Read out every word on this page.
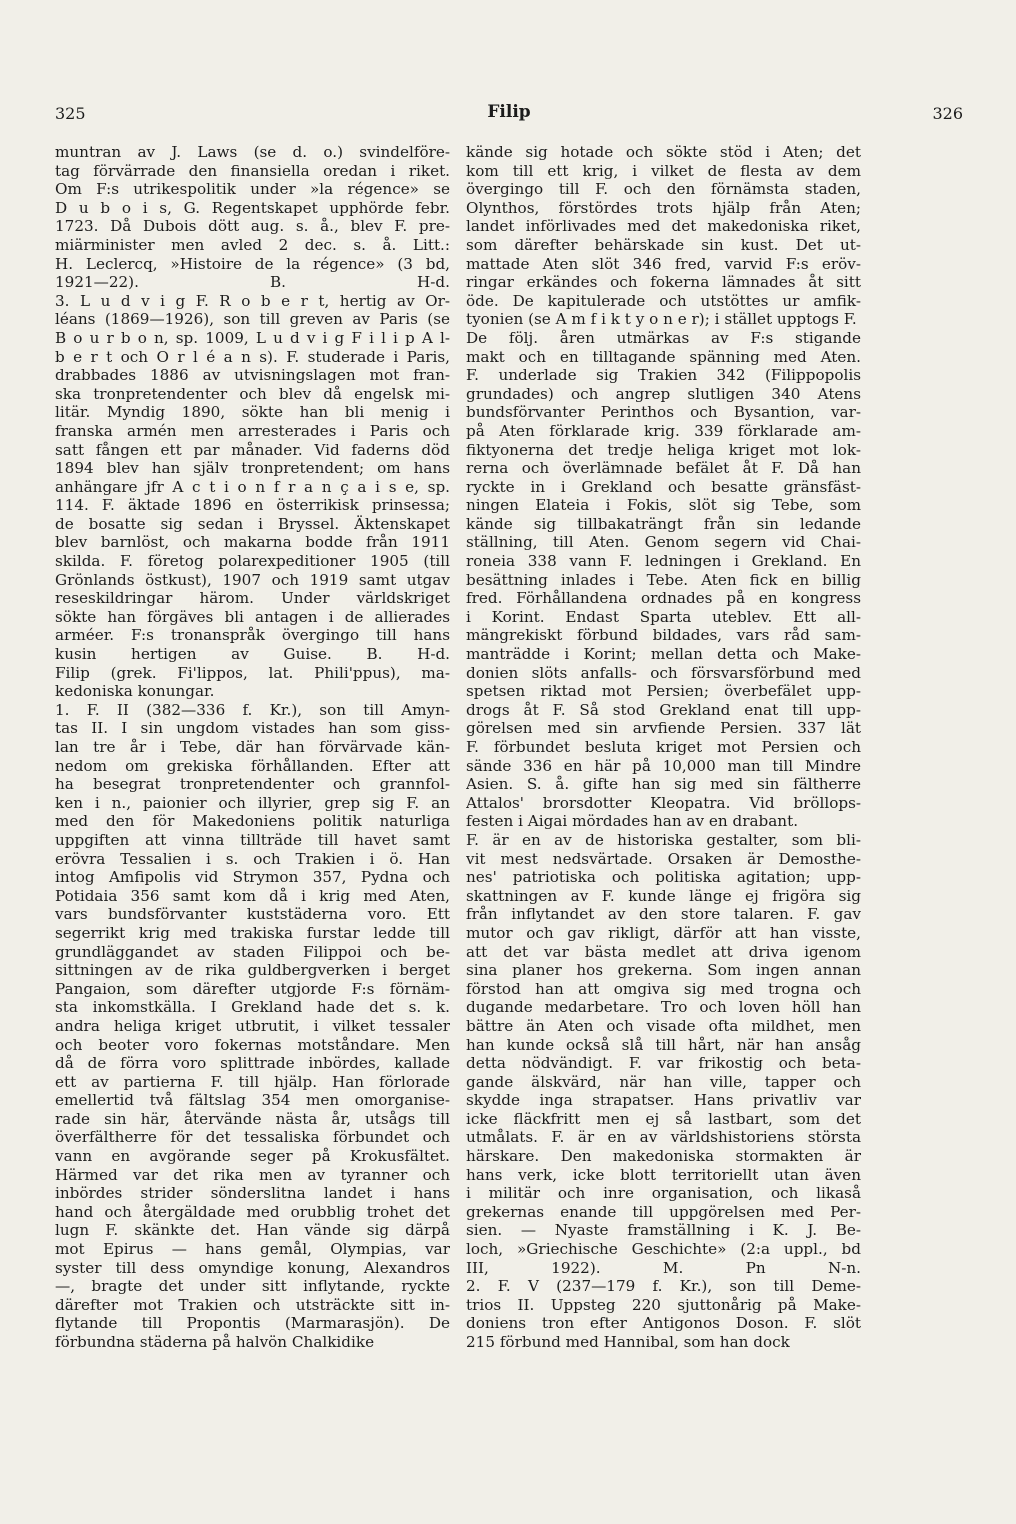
325	Filip	326
muntran av J. Laws (se d. o.) svindelföre-
tag förvärrade den finansiella oredan i riket.
Om F:s utrikespolitik under »la régence» se
D u b o i s, G. Regentskapet upphörde febr.
1723. Då Dubois dött aug. s. å., blev F. pre-
miärminister men avled 2 dec. s. å. Litt.:
H. Leclercq, »Histoire de la régence» (3 bd,
1921—22). B. H-d.
3. L u d v i g F. R o b e r t, hertig av Or-
léans (1869—1926), son till greven av Paris (se
B o u r b o n, sp. 1009, L u d v i g F i l i p A l-
b e r t och O r l é a n s). F. studerade i Paris,
drabbades 1886 av utvisningslagen mot fran-
ska tronpretendenter och blev då engelsk mi-
litär. Myndig 1890, sökte han bli menig i
franska armén men arresterades i Paris och
satt fången ett par månader. Vid faderns död
1894 blev han själv tronpretendent; om hans
anhängare jfr A c t i o n f r a n ç a i s e, sp.
114. F. äktade 1896 en österrikisk prinsessa;
de bosatte sig sedan i Bryssel. Äktenskapet
blev barnlöst, och makarna bodde från 1911
skilda. F. företog polarexpeditioner 1905 (till
Grönlands östkust), 1907 och 1919 samt utgav
reseskildringar härom. Under världskriget
sökte han förgäves bli antagen i de allierades
arméer. F:s tronanspråk övergingo till hans
kusin hertigen av Guise. B. H-d.
Filip (grek. Fi'lippos, lat. Phili'ppus), ma-
kedoniska konungar.
1. F. II (382—336 f. Kr.), son till Amyn-
tas II. I sin ungdom vistades han som giss-
lan tre år i Tebe, där han förvärvade kän-
nedom om grekiska förhållanden. Efter att
ha besegrat tronpretendenter och grannfol-
ken i n., paionier och illyrier, grep sig F. an
med den för Makedoniens politik naturliga
uppgiften att vinna tillträde till havet samt
erövra Tessalien i s. och Trakien i ö. Han
intog Amfipolis vid Strymon 357, Pydna och
Potidaia 356 samt kom då i krig med Aten,
vars bundsförvanter kuststäderna voro. Ett
segerrikt krig med trakiska furstar ledde till
grundläggandet av staden Filippoi och be-
sittningen av de rika guldbergverken i berget
Pangaion, som därefter utgjorde F:s förnäm-
sta inkomstkälla. I Grekland hade det s. k.
andra heliga kriget utbrutit, i vilket tessaler
och beoter voro fokernas motståndare. Men
då de förra voro splittrade inbördes, kallade
ett av partierna F. till hjälp. Han förlorade
emellertid två fältslag 354 men omorganise-
rade sin här, återvände nästa år, utsågs till
överfältherre för det tessaliska förbundet och
vann en avgörande seger på Krokusfältet.
Härmed var det rika men av tyranner och
inbördes strider sönderslitna landet i hans
hand och återgäldade med orubblig trohet det
lugn F. skänkte det. Han vände sig därpå
mot Epirus — hans gemål, Olympias, var
syster till dess omyndige konung, Alexandros
—, bragte det under sitt inflytande, ryckte
därefter mot Trakien och utsträckte sitt in-
flytande till Propontis (Marmarasjön). De
förbundna städerna på halvön Chalkidike
kände sig hotade och sökte stöd i Aten; det
kom till ett krig, i vilket de flesta av dem
övergingo till F. och den förnämsta staden,
Olynthos, förstördes trots hjälp från Aten;
landet införlivades med det makedoniska riket,
som därefter behärskade sin kust. Det ut-
mattade Aten slöt 346 fred, varvid F:s eröv-
ringar erkändes och fokerna lämnades åt sitt
öde. De kapitulerade och utstöttes ur amfik-
tyonien (se A m f i k t y o n e r); i stället upptogs F.
De följ. åren utmärkas av F:s stigande
makt och en tilltagande spänning med Aten.
F. underlade sig Trakien 342 (Filippopolis
grundades) och angrep slutligen 340 Atens
bundsförvanter Perinthos och Bysantion, var-
på Aten förklarade krig. 339 förklarade am-
fiktyonerna det tredje heliga kriget mot lok-
rerna och överlämnade befälet åt F. Då han
ryckte in i Grekland och besatte gränsfäst-
ningen Elateia i Fokis, slöt sig Tebe, som
kände sig tillbakaträngt från sin ledande
ställning, till Aten. Genom segern vid Chai-
roneia 338 vann F. ledningen i Grekland. En
besättning inlades i Tebe. Aten fick en billig
fred. Förhållandena ordnades på en kongress
i Korint. Endast Sparta uteblev. Ett all-
mängrekiskt förbund bildades, vars råd sam-
manträdde i Korint; mellan detta och Make-
donien slöts anfalls- och försvarsförbund med
spetsen riktad mot Persien; överbefälet upp-
drogs åt F. Så stod Grekland enat till upp-
görelsen med sin arvfiende Persien. 337 lät
F. förbundet besluta kriget mot Persien och
sände 336 en här på 10,000 man till Mindre
Asien. S. å. gifte han sig med sin fältherre
Attalos' brorsdotter Kleopatra. Vid bröllops-
festen i Aigai mördades han av en drabant.
F. är en av de historiska gestalter, som bli-
vit mest nedsvärtade. Orsaken är Demosthe-
nes' patriotiska och politiska agitation; upp-
skattningen av F. kunde länge ej frigöra sig
från inflytandet av den store talaren. F. gav
mutor och gav rikligt, därför att han visste,
att det var bästa medlet att driva igenom
sina planer hos grekerna. Som ingen annan
förstod han att omgiva sig med trogna och
dugande medarbetare. Tro och loven höll han
bättre än Aten och visade ofta mildhet, men
han kunde också slå till hårt, när han ansåg
detta nödvändigt. F. var frikostig och beta-
gande älskvärd, när han ville, tapper och
skydde inga strapatser. Hans privatliv var
icke fläckfritt men ej så lastbart, som det
utmålats. F. är en av världshistoriens största
härskare. Den makedoniska stormakten är
hans verk, icke blott territoriellt utan även
i militär och inre organisation, och likaså
grekernas enande till uppgörelsen med Per-
sien. — Nyaste framställning i K. J. Be-
loch, »Griechische Geschichte» (2:a uppl., bd
III, 1922). M. Pn N-n.
2. F. V (237—179 f. Kr.), son till Deme-
trios II. Uppsteg 220 sjuttonårig på Make-
doniens tron efter Antigonos Doson. F. slöt
215 förbund med Hannibal, som han dock
